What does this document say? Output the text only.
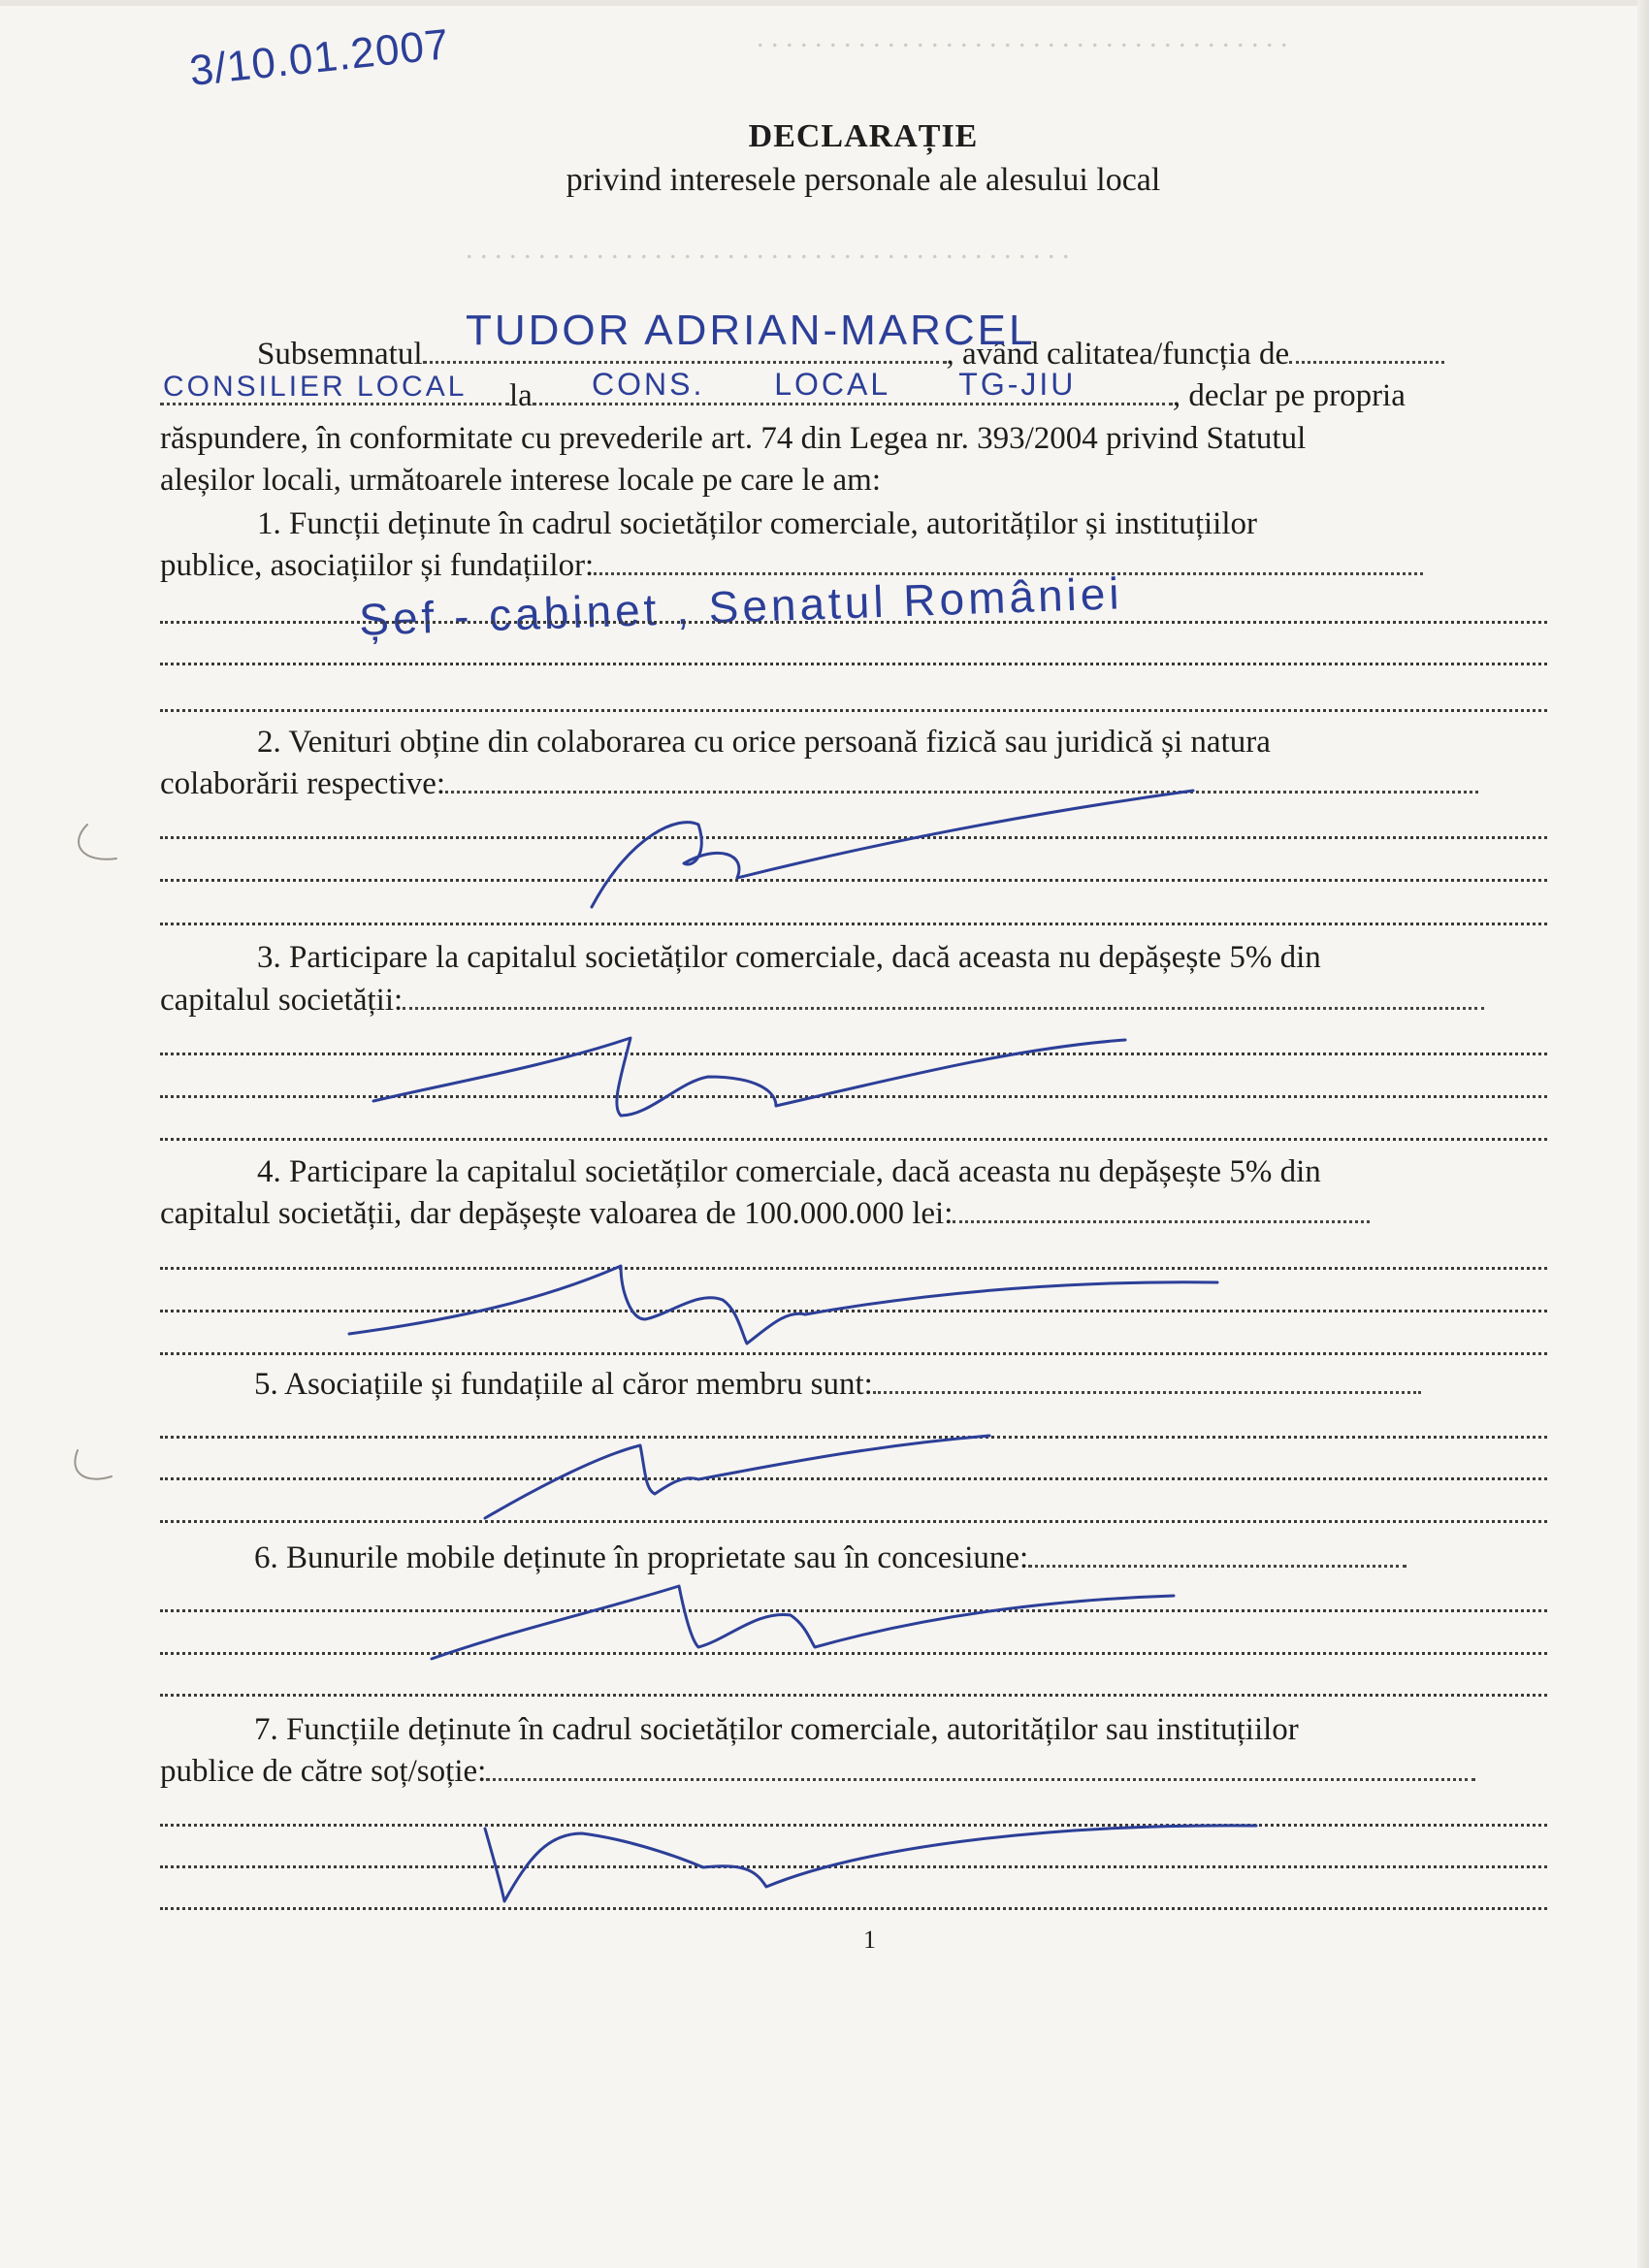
. . . . . . . . . . . . . . . . . . . . . . . . . . . . . . . . . . . . .
. . . . . . . . . . . . . . . . . . . . . . . . . . . . . . . . . . . . . . . . . .
3/10.01.2007
DECLARAȚIE
privind interesele personale ale alesului local
Subsemnatul	, având calitatea/funcția de
TUDOR ADRIAN-MARCEL
la	, declar pe propria
CONSILIER LOCAL	CONS. LOCAL TG-JIU
răspundere, în conformitate cu prevederile art. 74 din Legea nr. 393/2004 privind Statutul
aleșilor locali, următoarele interese locale pe care le am:
1. Funcții deținute în cadrul societăților comerciale, autorităților și instituțiilor
publice, asociațiilor și fundațiilor:
Șef - cabinet , Senatul României
2. Venituri obține din colaborarea cu orice persoană fizică sau juridică și natura
colaborării respective:
3. Participare la capitalul societăților comerciale, dacă aceasta nu depășește 5% din
capitalul societății:
4. Participare la capitalul societăților comerciale, dacă aceasta nu depășește 5% din
capitalul societății, dar depășește valoarea de 100.000.000 lei:
5. Asociațiile și fundațiile al căror membru sunt:
6. Bunurile mobile deținute în proprietate sau în concesiune:
7. Funcțiile deținute în cadrul societăților comerciale, autorităților sau instituțiilor
publice de către soț/soție:
1
